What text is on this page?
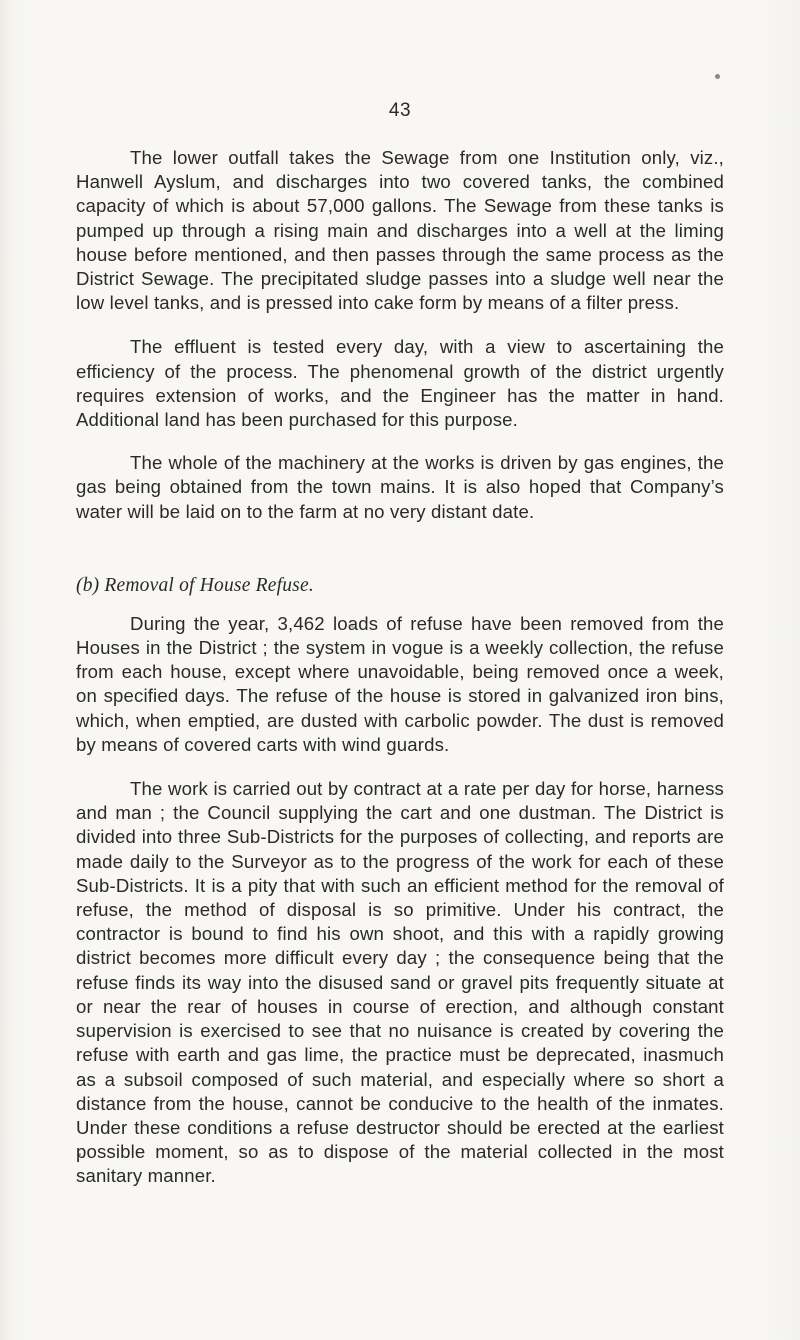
43

The lower outfall takes the Sewage from one Institution only, viz., Hanwell Ayslum, and discharges into two covered tanks, the combined capacity of which is about 57,000 gallons. The Sewage from these tanks is pumped up through a rising main and discharges into a well at the liming house before mentioned, and then passes through the same process as the District Sewage. The precipitated sludge passes into a sludge well near the low level tanks, and is pressed into cake form by means of a filter press.

The effluent is tested every day, with a view to ascertaining the efficiency of the process. The phenomenal growth of the district urgently requires extension of works, and the Engineer has the matter in hand. Additional land has been purchased for this purpose.

The whole of the machinery at the works is driven by gas engines, the gas being obtained from the town mains. It is also hoped that Company’s water will be laid on to the farm at no very distant date.

(b) Removal of House Refuse.

During the year, 3,462 loads of refuse have been removed from the Houses in the District ; the system in vogue is a weekly collection, the refuse from each house, except where unavoidable, being removed once a week, on specified days. The refuse of the house is stored in galvanized iron bins, which, when emptied, are dusted with carbolic powder. The dust is removed by means of covered carts with wind guards.

The work is carried out by contract at a rate per day for horse, harness and man ; the Council supplying the cart and one dustman. The District is divided into three Sub-Districts for the purposes of collecting, and reports are made daily to the Surveyor as to the progress of the work for each of these Sub-Districts. It is a pity that with such an efficient method for the removal of refuse, the method of disposal is so primitive. Under his contract, the contractor is bound to find his own shoot, and this with a rapidly growing district becomes more difficult every day ; the consequence being that the refuse finds its way into the disused sand or gravel pits frequently situate at or near the rear of houses in course of erection, and although constant supervision is exercised to see that no nuisance is created by covering the refuse with earth and gas lime, the practice must be deprecated, inasmuch as a subsoil composed of such material, and especially where so short a distance from the house, cannot be conducive to the health of the inmates. Under these conditions a refuse destructor should be erected at the earliest possible moment, so as to dispose of the material collected in the most sanitary manner.
